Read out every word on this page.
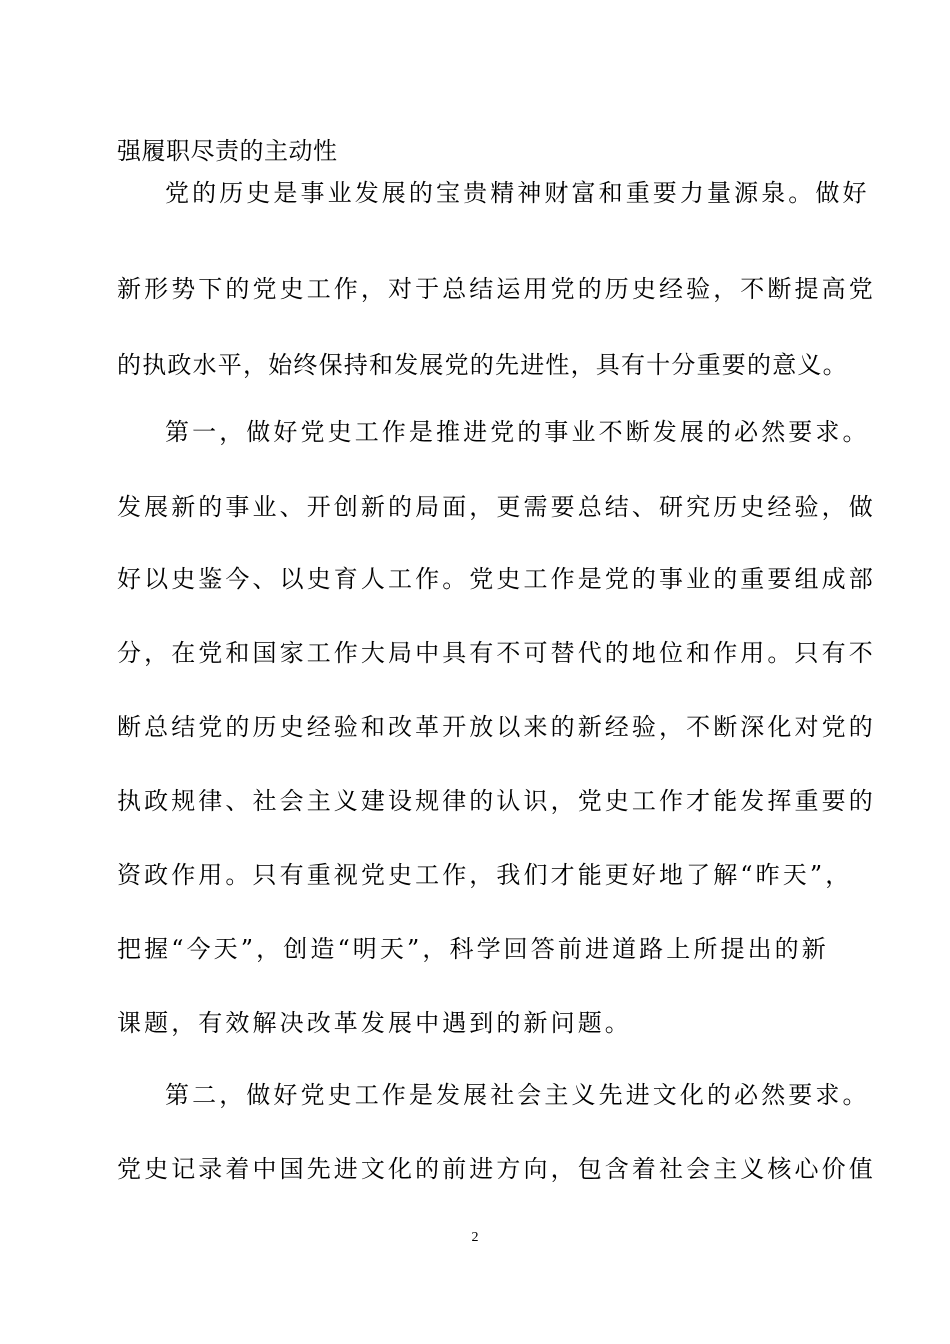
强履职尽责的主动性
党的历史是事业发展的宝贵精神财富和重要力量源泉。做好
新形势下的党史工作，对于总结运用党的历史经验，不断提高党
的执政水平，始终保持和发展党的先进性，具有十分重要的意义。
第一，做好党史工作是推进党的事业不断发展的必然要求。
发展新的事业、开创新的局面，更需要总结、研究历史经验，做
好以史鉴今、以史育人工作。党史工作是党的事业的重要组成部
分，在党和国家工作大局中具有不可替代的地位和作用。只有不
断总结党的历史经验和改革开放以来的新经验，不断深化对党的
执政规律、社会主义建设规律的认识，党史工作才能发挥重要的
资政作用。只有重视党史工作，我们才能更好地了解“昨天”，
把握“今天”，创造“明天”，科学回答前进道路上所提出的新
课题，有效解决改革发展中遇到的新问题。
第二，做好党史工作是发展社会主义先进文化的必然要求。
党史记录着中国先进文化的前进方向，包含着社会主义核心价值
2
